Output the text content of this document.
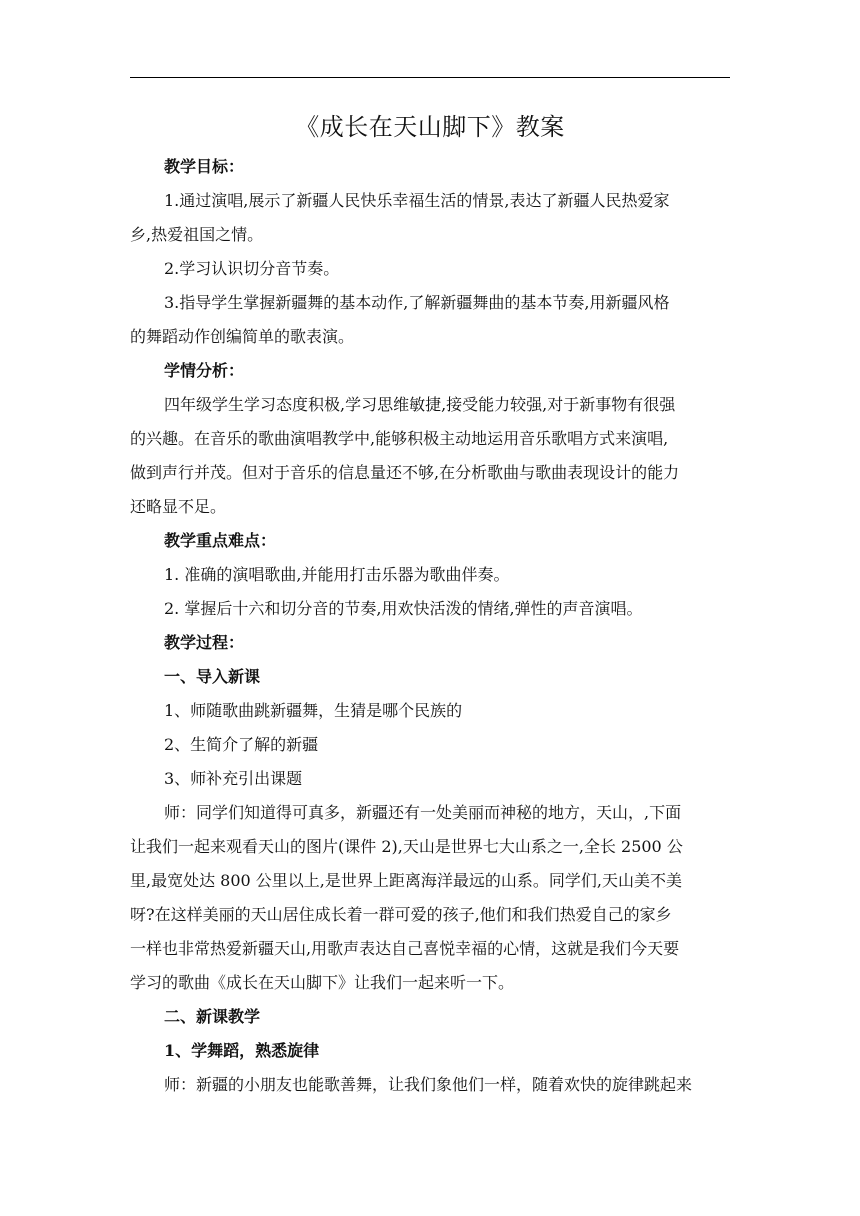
《成长在天山脚下》教案

教学目标：

1.通过演唱,展示了新疆人民快乐幸福生活的情景,表达了新疆人民热爱家

乡,热爱祖国之情。

2.学习认识切分音节奏。

3.指导学生掌握新疆舞的基本动作,了解新疆舞曲的基本节奏,用新疆风格

的舞蹈动作创编简单的歌表演。

学情分析：

四年级学生学习态度积极,学习思维敏捷,接受能力较强,对于新事物有很强

的兴趣。在音乐的歌曲演唱教学中,能够积极主动地运用音乐歌唱方式来演唱,

做到声行并茂。但对于音乐的信息量还不够,在分析歌曲与歌曲表现设计的能力

还略显不足。

教学重点难点：

1. 准确的演唱歌曲,并能用打击乐器为歌曲伴奏。

2. 掌握后十六和切分音的节奏,用欢快活泼的情绪,弹性的声音演唱。

教学过程：

一、导入新课

1、师随歌曲跳新疆舞，生猜是哪个民族的

2、生简介了解的新疆

3、师补充引出课题

师：同学们知道得可真多，新疆还有一处美丽而神秘的地方，天山，,下面

让我们一起来观看天山的图片(课件 2),天山是世界七大山系之一,全长 2500 公

里,最宽处达 800 公里以上,是世界上距离海洋最远的山系。同学们,天山美不美

呀?在这样美丽的天山居住成长着一群可爱的孩子,他们和我们热爱自己的家乡

一样也非常热爱新疆天山,用歌声表达自己喜悦幸福的心情，这就是我们今天要

学习的歌曲《成长在天山脚下》让我们一起来听一下。

二、新课教学

1、学舞蹈，熟悉旋律

师：新疆的小朋友也能歌善舞，让我们象他们一样，随着欢快的旋律跳起来
